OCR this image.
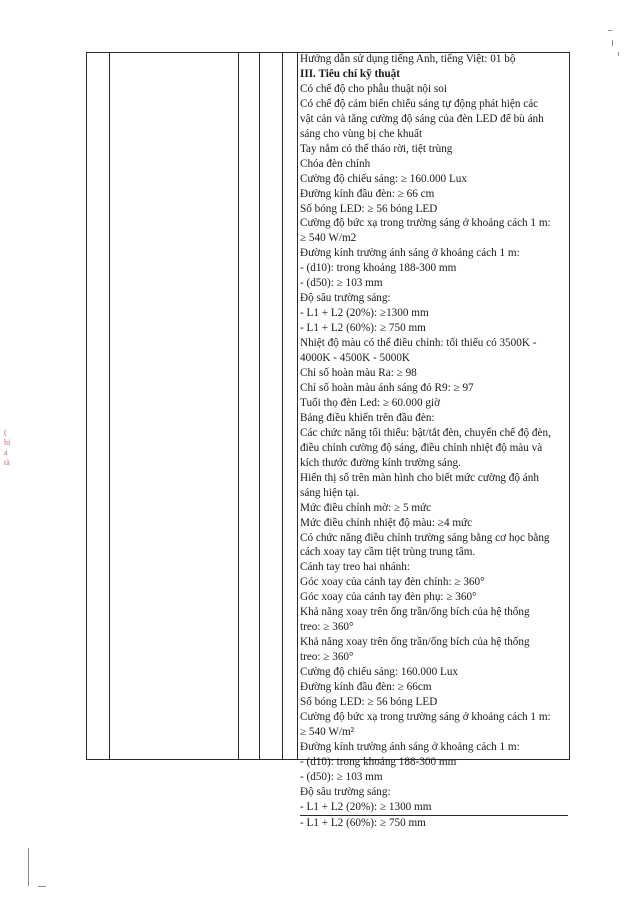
Hướng dẫn sử dụng tiếng Anh, tiếng Việt: 01 bộ
III. Tiêu chí kỹ thuật
Có chế độ cho phẫu thuật nội soi
Có chế độ cảm biến chiếu sáng tự động phát hiện các
vật cản và tăng cường độ sáng của đèn LED để bù ánh
sáng cho vùng bị che khuất
Tay nắm có thể tháo rời, tiệt trùng
Chóa đèn chính
Cường độ chiếu sáng: ≥ 160.000 Lux
Đường kính đầu đèn: ≥ 66 cm
Số bóng LED: ≥ 56 bóng LED
Cường độ bức xạ trong trường sáng ở khoảng cách 1 m:
≥ 540 W/m2
Đường kính trường ánh sáng ở khoảng cách 1 m:
- (d10): trong khoảng 188-300 mm
- (d50): ≥ 103 mm
Độ sâu trường sáng:
- L1 + L2 (20%): ≥1300 mm
- L1 + L2 (60%): ≥ 750 mm
Nhiệt độ màu có thể điều chỉnh: tối thiểu có 3500K -
4000K - 4500K - 5000K
Chỉ số hoàn màu Ra: ≥ 98
Chỉ số hoàn màu ánh sáng đỏ R9: ≥ 97
Tuổi thọ đèn Led: ≥ 60.000 giờ
Bảng điều khiển trên đầu đèn:
Các chức năng tối thiểu: bật/tắt đèn, chuyển chế độ đèn,
điều chỉnh cường độ sáng, điều chỉnh nhiệt độ màu và
kích thước đường kính trường sáng.
Hiển thị số trên màn hình cho biết mức cường độ ánh
sáng hiện tại.
Mức điều chỉnh mờ: ≥ 5 mức
Mức điều chỉnh nhiệt độ màu: ≥4 mức
Có chức năng điều chỉnh trường sáng bằng cơ học bằng
cách xoay tay cầm tiệt trùng trung tâm.
Cánh tay treo hai nhánh:
Góc xoay của cánh tay đèn chính: ≥ 360°
Góc xoay của cánh tay đèn phụ: ≥ 360°
Khả năng xoay trên ống trần/ống bích của hệ thống
treo: ≥ 360°
Khả năng xoay trên ống trần/ống bích của hệ thống
treo: ≥ 360°
Cường độ chiếu sáng: 160.000 Lux
Đường kính đầu đèn: ≥ 66cm
Số bóng LED: ≥ 56 bóng LED
Cường độ bức xạ trong trường sáng ở khoảng cách 1 m:
≥ 540 W/m²
Đường kính trường ánh sáng ở khoảng cách 1 m:
- (d10): trong khoảng 188-300 mm
- (d50): ≥ 103 mm
Độ sâu trường sáng:
- L1 + L2 (20%): ≥ 1300 mm
- L1 + L2 (60%): ≥ 750 mm
(
hi
a
tà
